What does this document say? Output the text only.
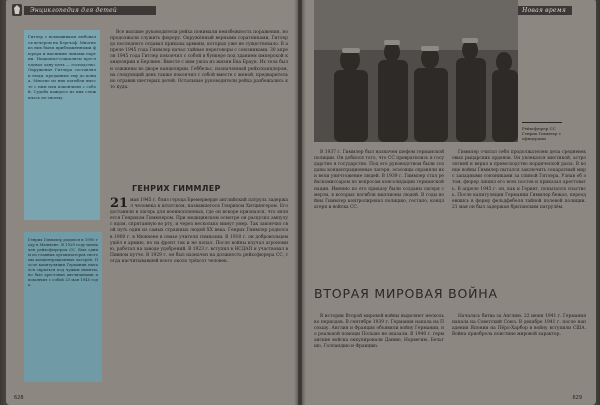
Энциклопедия для детей
Гитлер с помощником любовался вечером на Бергхоф. Многие из них были приближёнными фюрера и высшими чинами партии. Национал-социализм преследовал одну цель — господство. Окружение Гитлера составляли люди, преданные ему до конца. Многие из них погибли вместе с ним или покончили с собой. Судьба каждого из них сложилась по-своему.
Генрих Гиммлер родился в 1900 году в Мюнхене. В 1929 году назначен рейхсфюрером СС. Был одним из главных организаторов системы концентрационных лагерей. После капитуляции Германии пытался скрыться под чужим именем, но был арестован англичанами и покончил с собой 23 мая 1945 года.

Все высшие руководители рейха понимали неизбежность поражения, но продолжали служить фюреру. Окружённый верными соратниками, Гитлер до последнего отдавал приказы армиям, которых уже не существовало. В апреле 1945 года Гиммлер начал тайные переговоры с союзниками. 30 апреля 1945 года Гитлер покончил с собой в бункере под зданием имперской канцелярии в Берлине. Вместе с ним ушла из жизни Ева Браун. Их тела были сожжены во дворе канцелярии. Геббельс, назначенный рейхсканцлером, на следующий день также покончил с собой вместе с женой, предварительно отравив шестерых детей. Остальные руководители рейха разбежались кто куда.

ГЕНРИХ ГИММЛЕР
21 мая 1945 г. близ города Бремерверде английский патруль задержал человека в штатском, назвавшегося Генрихом Хитцингером. Его доставили в лагерь для военнопленных, где он вскоре признался, что является Генрихом Гиммлером. При медицинском осмотре он раскусил ампулу с ядом, спрятанную во рту, и через несколько минут умер. Так закончил свой путь один из самых страшных людей XX века. Генрих Гиммлер родился в 1900 г. в Мюнхене в семье учителя гимназии. В 1918 г. он добровольцем ушёл в армию, но на фронт так и не попал. После войны изучал агрономию, работал на заводе удобрений. В 1923 г. вступил в НСДАП и участвовал в Пивном путче. В 1929 г. он был назначен на должность рейхсфюрера СС, тогда насчитывавшей всего около трёхсот человек.
628
Новая время
Рейхсфюрер СС Генрих Гиммлер с офицерами

В 1937 г. Гиммлер был назначен шефом германской полиции. Он добился того, что СС превратились в государство в государстве. Под его руководством были созданы концентрационные лагеря, эсэсовцы охраняли их и вели уничтожение людей. В 1939 г. Гиммлер стал рейхскомиссаром по вопросам консолидации германской нации. Именно по его приказу были созданы лагеря смерти, в которых погибли миллионы людей. В годы войны Гиммлер контролировал полицию, гестапо, концлагеря и войска СС.

Гиммлер считал себя продолжателем дела средневековых рыцарских орденов. Он увлекался мистикой, астрологией и верил в превосходство нордической расы. В конце войны Гиммлер пытался заключить сепаратный мир с западными союзниками за спиной Гитлера. Узнав об этом, фюрер лишил его всех постов и приказал арестовать. В апреле 1945 г. он, как и Геринг, попытался спастись. После капитуляции Германии Гиммлер бежал, переодевшись в форму фельдфебеля тайной полевой полиции. 21 мая он был задержан британским патрулём.

ВТОРАЯ МИРОВАЯ ВОЙНА

В истории Второй мировой войны выделяют несколько периодов. В сентябре 1939 г. Германия напала на Польшу. Англия и Франция объявили войну Германии, но реальной помощи Польше не оказали. В 1940 г. германские войска оккупировали Данию, Норвегию, Бельгию, Голландию и Францию.

Началась битва за Англию. 22 июня 1941 г. Германия напала на Советский Союз. В декабре 1941 г. после нападения Японии на Пёрл-Харбор в войну вступили США. Война приобрела поистине мировой характер.

629
